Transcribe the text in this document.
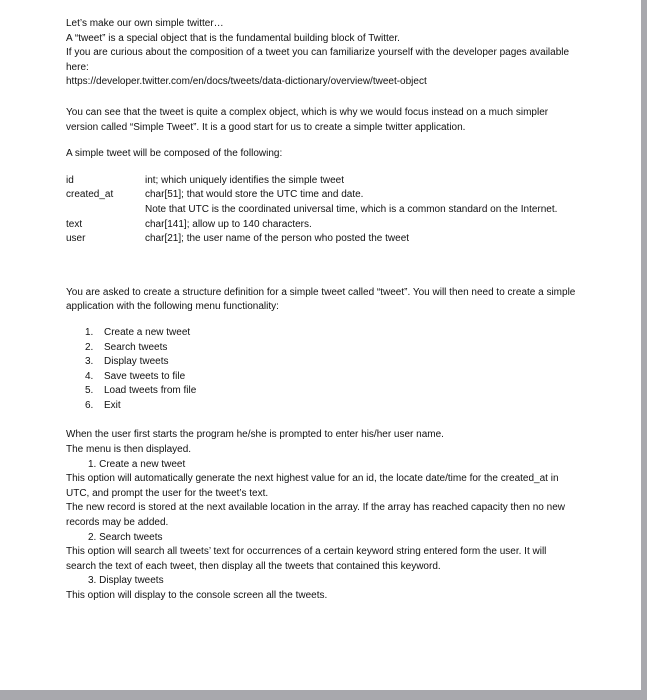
Let’s make our own simple twitter…

A “tweet” is a special object that is the fundamental building block of Twitter.

If you are curious about the composition of a tweet you can familiarize yourself with the developer pages available here:

https://developer.twitter.com/en/docs/tweets/data-dictionary/overview/tweet-object

You can see that the tweet is quite a complex object, which is why we would focus instead on a much simpler version called “Simple Tweet”. It is a good start for us to create a simple twitter application.

A simple tweet will be composed of the following:

id	int; which uniquely identifies the simple tweet
created_at	char[51]; that would store the UTC time and date.
Note that UTC is the coordinated universal time, which is a common standard on the Internet.
text	char[141]; allow up to 140 characters.
user	char[21]; the user name of the person who posted the tweet

You are asked to create a structure definition for a simple tweet called “tweet”. You will then need to create a simple application with the following menu functionality:

1. Create a new tweet
2. Search tweets
3. Display tweets
4. Save tweets to file
5. Load tweets from file
6. Exit

When the user first starts the program he/she is prompted to enter his/her user name.

The menu is then displayed.

1. Create a new tweet

This option will automatically generate the next highest value for an id, the locate date/time for the created_at in UTC, and prompt the user for the tweet’s text.

The new record is stored at the next available location in the array. If the array has reached capacity then no new records may be added.

2. Search tweets

This option will search all tweets’ text for occurrences of a certain keyword string entered form the user. It will search the text of each tweet, then display all the tweets that contained this keyword.

3. Display tweets

This option will display to the console screen all the tweets.
